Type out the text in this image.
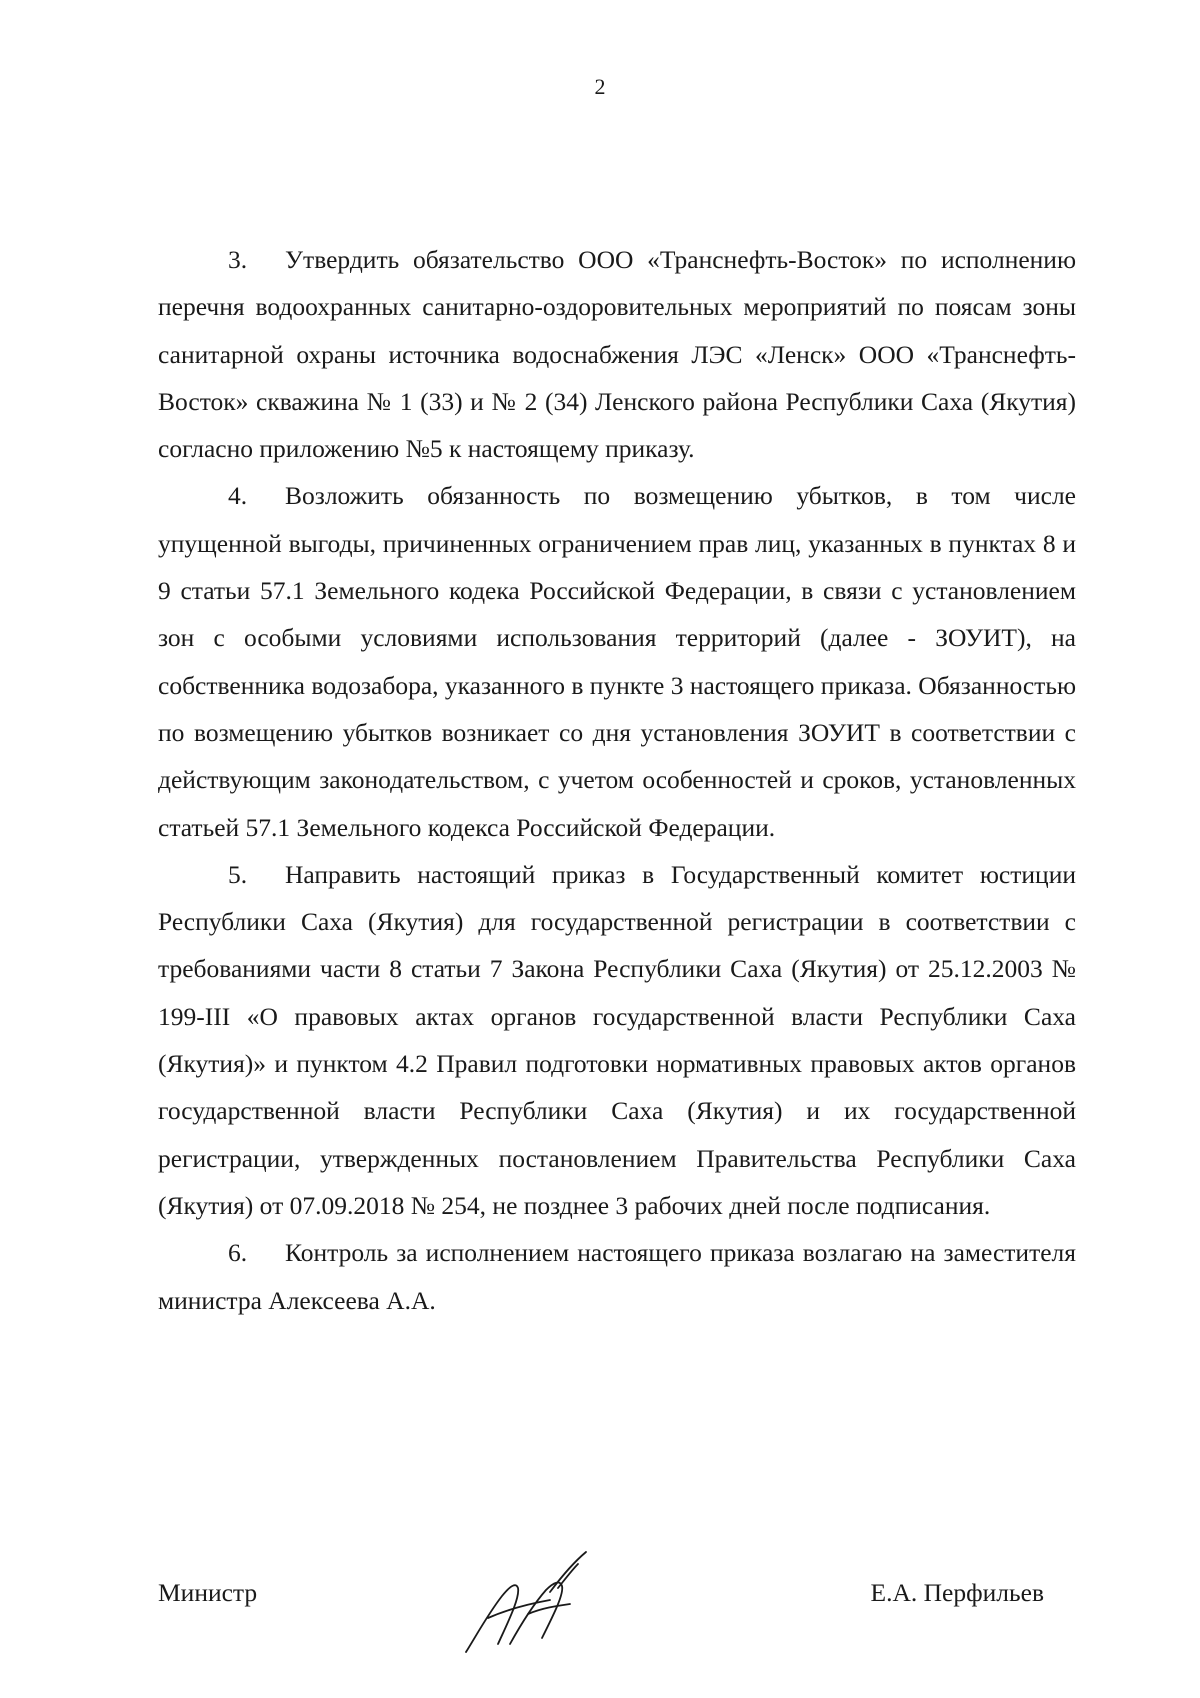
2

3. Утвердить обязательство ООО «Транснефть-Восток» по исполнению перечня водоохранных санитарно-оздоровительных мероприятий по поясам зоны санитарной охраны источника водоснабжения ЛЭС «Ленск» ООО «Транснефть-Восток» скважина № 1 (33) и № 2 (34) Ленского района Республики Саха (Якутия) согласно приложению №5 к настоящему приказу.

4. Возложить обязанность по возмещению убытков, в том числе упущенной выгоды, причиненных ограничением прав лиц, указанных в пунктах 8 и 9 статьи 57.1 Земельного кодека Российской Федерации, в связи с установлением зон с особыми условиями использования территорий (далее - ЗОУИТ), на собственника водозабора, указанного в пункте 3 настоящего приказа. Обязанностью по возмещению убытков возникает со дня установления ЗОУИТ в соответствии с действующим законодательством, с учетом особенностей и сроков, установленных статьей 57.1 Земельного кодекса Российской Федерации.

5. Направить настоящий приказ в Государственный комитет юстиции Республики Саха (Якутия) для государственной регистрации в соответствии с требованиями части 8 статьи 7 Закона Республики Саха (Якутия) от 25.12.2003 № 199-III «О правовых актах органов государственной власти Республики Саха (Якутия)» и пунктом 4.2 Правил подготовки нормативных правовых актов органов государственной власти Республики Саха (Якутия) и их государственной регистрации, утвержденных постановлением Правительства Республики Саха (Якутия) от 07.09.2018 № 254, не позднее 3 рабочих дней после подписания.

6. Контроль за исполнением настоящего приказа возлагаю на заместителя министра Алексеева А.А.

Министр	Е.А. Перфильев
